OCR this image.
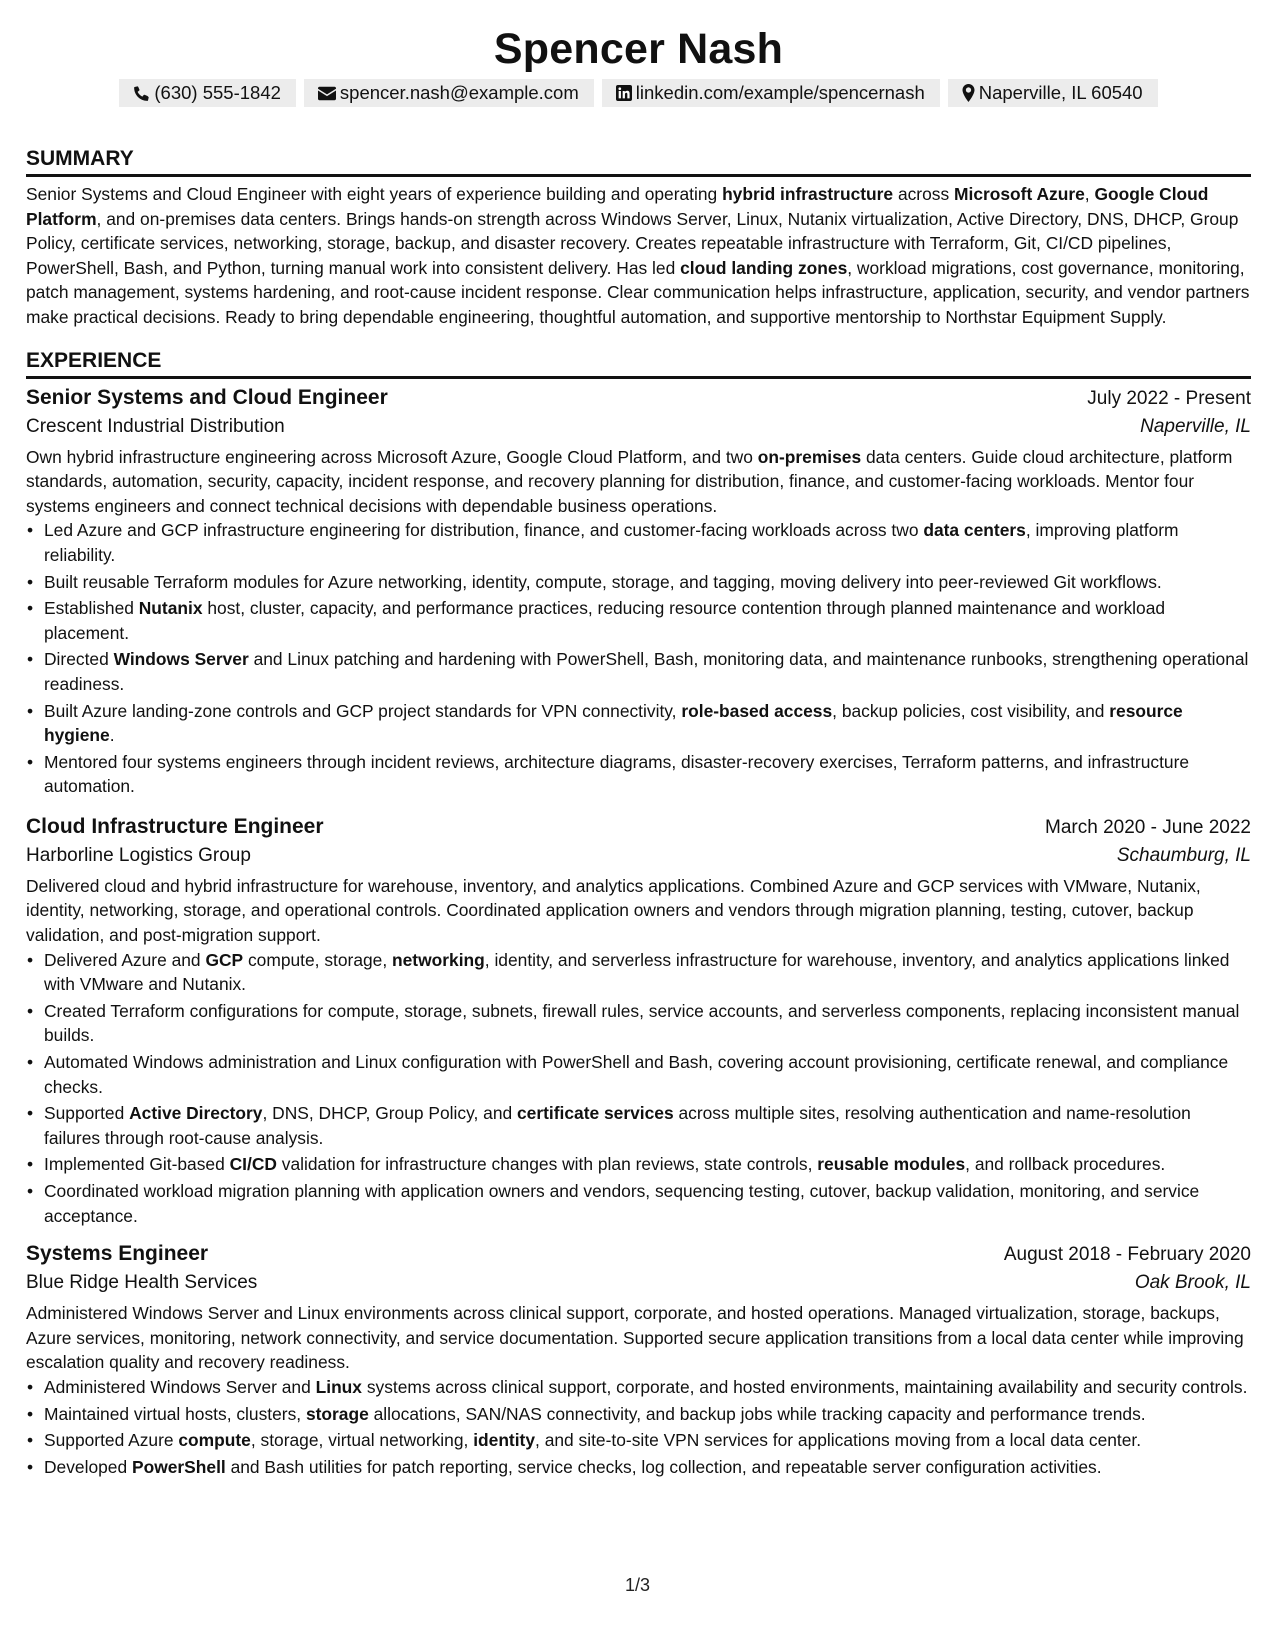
Spencer Nash
(630) 555-1842	spencer.nash@example.com	linkedin.com/example/spencernash	Naperville, IL 60540
SUMMARY
Senior Systems and Cloud Engineer with eight years of experience building and operating hybrid infrastructure across Microsoft Azure, Google Cloud Platform, and on-premises data centers. Brings hands-on strength across Windows Server, Linux, Nutanix virtualization, Active Directory, DNS, DHCP, Group Policy, certificate services, networking, storage, backup, and disaster recovery. Creates repeatable infrastructure with Terraform, Git, CI/CD pipelines, PowerShell, Bash, and Python, turning manual work into consistent delivery. Has led cloud landing zones, workload migrations, cost governance, monitoring, patch management, systems hardening, and root-cause incident response. Clear communication helps infrastructure, application, security, and vendor partners make practical decisions. Ready to bring dependable engineering, thoughtful automation, and supportive mentorship to Northstar Equipment Supply.
EXPERIENCE
Senior Systems and Cloud Engineer	July 2022 - Present
Crescent Industrial Distribution	Naperville, IL
Own hybrid infrastructure engineering across Microsoft Azure, Google Cloud Platform, and two on-premises data centers. Guide cloud architecture, platform standards, automation, security, capacity, incident response, and recovery planning for distribution, finance, and customer-facing workloads. Mentor four systems engineers and connect technical decisions with dependable business operations.
• Led Azure and GCP infrastructure engineering for distribution, finance, and customer-facing workloads across two data centers, improving platform reliability.
• Built reusable Terraform modules for Azure networking, identity, compute, storage, and tagging, moving delivery into peer-reviewed Git workflows.
• Established Nutanix host, cluster, capacity, and performance practices, reducing resource contention through planned maintenance and workload placement.
• Directed Windows Server and Linux patching and hardening with PowerShell, Bash, monitoring data, and maintenance runbooks, strengthening operational readiness.
• Built Azure landing-zone controls and GCP project standards for VPN connectivity, role-based access, backup policies, cost visibility, and resource hygiene.
• Mentored four systems engineers through incident reviews, architecture diagrams, disaster-recovery exercises, Terraform patterns, and infrastructure automation.
Cloud Infrastructure Engineer	March 2020 - June 2022
Harborline Logistics Group	Schaumburg, IL
Delivered cloud and hybrid infrastructure for warehouse, inventory, and analytics applications. Combined Azure and GCP services with VMware, Nutanix, identity, networking, storage, and operational controls. Coordinated application owners and vendors through migration planning, testing, cutover, backup validation, and post-migration support.
• Delivered Azure and GCP compute, storage, networking, identity, and serverless infrastructure for warehouse, inventory, and analytics applications linked with VMware and Nutanix.
• Created Terraform configurations for compute, storage, subnets, firewall rules, service accounts, and serverless components, replacing inconsistent manual builds.
• Automated Windows administration and Linux configuration with PowerShell and Bash, covering account provisioning, certificate renewal, and compliance checks.
• Supported Active Directory, DNS, DHCP, Group Policy, and certificate services across multiple sites, resolving authentication and name-resolution failures through root-cause analysis.
• Implemented Git-based CI/CD validation for infrastructure changes with plan reviews, state controls, reusable modules, and rollback procedures.
• Coordinated workload migration planning with application owners and vendors, sequencing testing, cutover, backup validation, monitoring, and service acceptance.
Systems Engineer	August 2018 - February 2020
Blue Ridge Health Services	Oak Brook, IL
Administered Windows Server and Linux environments across clinical support, corporate, and hosted operations. Managed virtualization, storage, backups, Azure services, monitoring, network connectivity, and service documentation. Supported secure application transitions from a local data center while improving escalation quality and recovery readiness.
• Administered Windows Server and Linux systems across clinical support, corporate, and hosted environments, maintaining availability and security controls.
• Maintained virtual hosts, clusters, storage allocations, SAN/NAS connectivity, and backup jobs while tracking capacity and performance trends.
• Supported Azure compute, storage, virtual networking, identity, and site-to-site VPN services for applications moving from a local data center.
• Developed PowerShell and Bash utilities for patch reporting, service checks, log collection, and repeatable server configuration activities.
1/3
